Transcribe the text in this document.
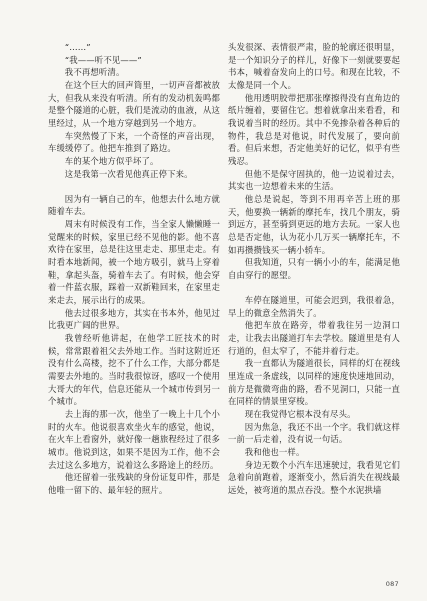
“……”

“我——听不见——”

我不再想听清。

在这个巨大的回声筒里，一切声音都被放大，但我从来没有听清。所有的发动机轰鸣都是整个隧道的心脏，我们是流动的血液，从这里经过，从一个地方穿越到另一个地方。

车突然慢了下来，一个奇怪的声音出现，车缓缓停了。他把车推到了路边。

车的某个地方似乎坏了。

这是我第一次看见他真正停下来。

因为有一辆自己的车，他想去什么地方就随着车去。

周末有时候没有工作，当全家人懒懒睡一觉醒来的时候，家里已经不见他的影。他不喜欢待在家里，总是往这里走走、那里走走。有时看本地新闻，被一个地方吸引，就马上穿着鞋，拿起头盔，骑着车去了。有时候，他会穿着一件蓝衣服，踩着一双新鞋回来，在家里走来走去，展示出行的成果。

他去过很多地方，其实在书本外，他见过比我更广阔的世界。

我曾经听他讲起，在他学工匠技术的时候，常常跟着祖父去外地工作。当时这附近还没有什么高楼，挖不了什么工作，大部分都是需要去外地的。当时我很惊讶，感叹一个使用大哥大的年代，信息还能从一个城市传到另一个城市。

去上海的那一次，他坐了一晚上十几个小时的火车。他说很喜欢坐火车的感觉，他说，在火车上看窗外，就好像一趟旅程经过了很多城市。他说到这，如果不是因为工作，他不会去过这么多地方，说着这么多路途上的经历。

他还留着一张残缺的身份证复印件，那是他唯一留下的、最年轻的照片。

头发很深、表情很严肃，脸的轮廓还很明显，是一个知识分子的样儿，好像下一刻就要要起书本，喊着奋发向上的口号。和现在比较，不太像是同一个人。

他用透明胶带把那张摩擦得没有直角边的纸片缠着，要留住它。想着就拿出来看看，和我说着当时的经历。其中不免掺杂着各种后的物件，我总是对他说，时代发展了，要向前看。但后来想，否定他美好的记忆，似乎有些残忍。

但他不是保守固执的，他一边说着过去，其实也一边想着未来的生活。

他总是说起，等到不用再辛苦上班的那天，他要换一辆新的摩托车，找几个朋友，骑到远方，甚至骑到更远的地方去玩。一家人也总是否定他，认为花小几万买一辆摩托车，不如再攒攒钱买一辆小轿车。

但我知道，只有一辆小小的车，能满足他自由穿行的愿望。

车停在隧道里，可能会迟到，我很着急，早上的微意全然消失了。

他把车放在路旁，带着我往另一边洞口走，让我去出隧道打车去学校。隧道里是有人行道的，但太窄了，不能并着行走。

我一直都认为隧道很长，同样的灯在视线里连成一条虚线，以同样的速度快速地回动，前方是微微弯曲的路，看不见洞口，只能一直在同样的情景里穿梭。

现在我觉得它根本没有尽头。

因为焦急，我还不出一个字。我们就这样一前一后走着，没有说一句话。

我和他也一样。

身边无数个小汽车迅速驶过，我看见它们急着向前跑着，逐渐变小，然后消失在视线最远处，被弯道的黑点吞没。整个水泥拱墙

087
